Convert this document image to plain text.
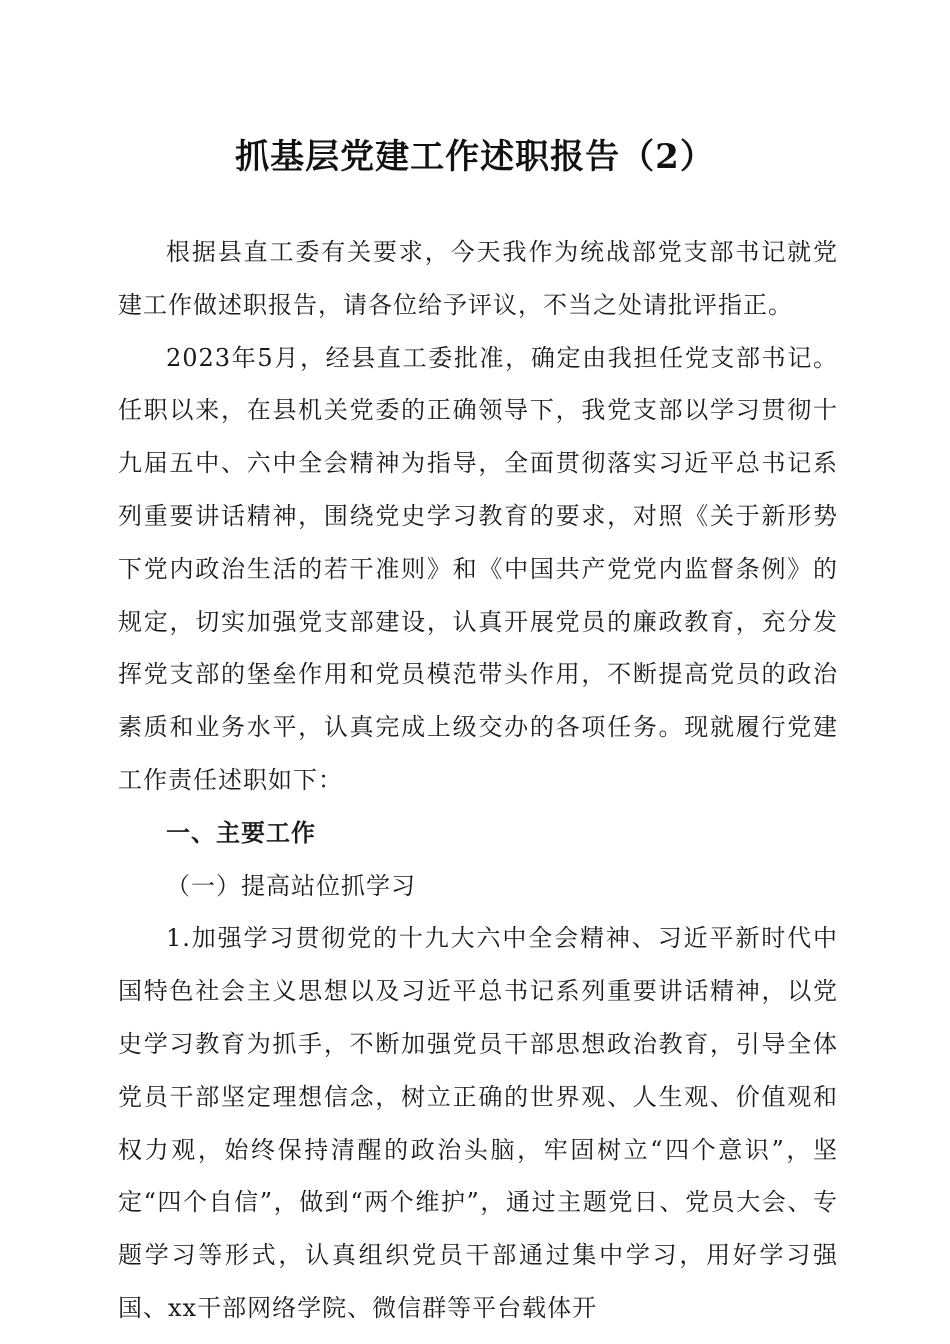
抓基层党建工作述职报告（2）

根据县直工委有关要求，今天我作为统战部党支部书记就党建工作做述职报告，请各位给予评议，不当之处请批评指正。

2023年5月，经县直工委批准，确定由我担任党支部书记。任职以来，在县机关党委的正确领导下，我党支部以学习贯彻十九届五中、六中全会精神为指导，全面贯彻落实习近平总书记系列重要讲话精神，围绕党史学习教育的要求，对照《关于新形势下党内政治生活的若干准则》和《中国共产党党内监督条例》的规定，切实加强党支部建设，认真开展党员的廉政教育，充分发挥党支部的堡垒作用和党员模范带头作用，不断提高党员的政治素质和业务水平，认真完成上级交办的各项任务。现就履行党建工作责任述职如下：

一、主要工作

（一）提高站位抓学习

1.加强学习贯彻党的十九大六中全会精神、习近平新时代中国特色社会主义思想以及习近平总书记系列重要讲话精神，以党史学习教育为抓手，不断加强党员干部思想政治教育，引导全体党员干部坚定理想信念，树立正确的世界观、人生观、价值观和权力观，始终保持清醒的政治头脑，牢固树立“四个意识”，坚定“四个自信”，做到“两个维护”，通过主题党日、党员大会、专题学习等形式，认真组织党员干部通过集中学习，用好学习强国、xx干部网络学院、微信群等平台载体开
